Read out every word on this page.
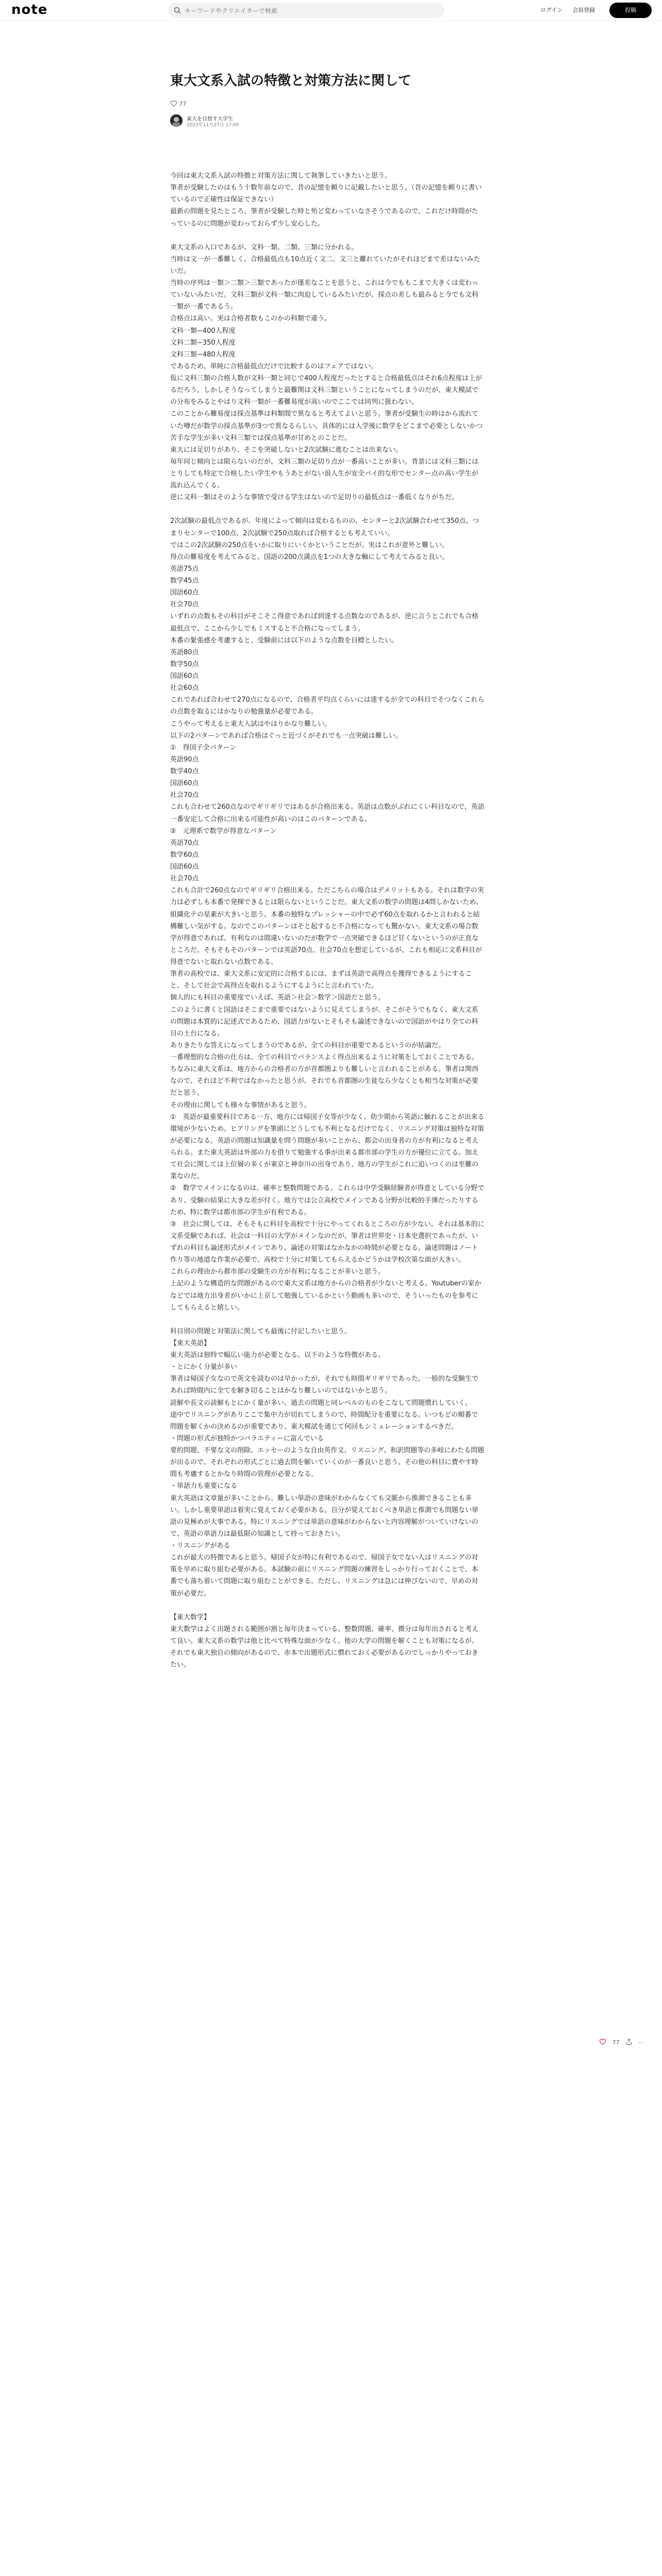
note
キーワードやクリエイターで検索	ログイン 会員登録	投稿
東大文系入試の特徴と対策方法に関して
77
東大を目指す大学生
2023年11月27日 17:00

今回は東大文系入試の特徴と対策方法に関して執筆していきたいと思う。

筆者が受験したのはもう十数年前なので、昔の記憶を頼りに記載したいと思う。（昔の記憶を頼りに書いているので正確性は保証できない）

最新の問題を見たところ、筆者が受験した時と殆ど変わっていなさそうであるので、これだけ時間がたっているのに問題が変わっておらず少し安心した。

東大文系の入口であるが、文科一類、二類、三類に分かれる。

当時は文一が一番難しく、合格最低点も10点近く文二、文三と離れていたがそれほどまで差はないみたいだ。

当時の序列は一類＞二類＞三類であったが僅差なことを思うと、これは今でももこまで大きくは変わっていないみたいだ。文科三類が文科一類に肉迫しているみたいだが、採点の差しも最みると今でも文科一類が一番であるう。

合格点は高い。実は合格者数もこのかの科類で違う。

文科一類−400人程度

文科二類−350人程度

文科三類−480人程度

であるため、単純に合格最低点だけで比較するのはフェアではない。

仮に文科三類の合格人数が文科一類と同じで400人程度だったとすると合格最低点はそれ6点程度は上がるだろう。しかしそうなってしまうと最難関は文科三類ということになってしまうのだが、東大模試での分布をみるとやはり文科一類が一番難易度が高いのでここでは同列に扱わない。

このことから難易度は採点基準は科類間で異なると考えてよいと思う。筆者が受験生の時はから流れていた噂だが数学の採点基準が3つで異なるらしい。具体的には入学後に数学をどこまで必要としないかつ苦手な学生が多い文科三類では採点基準が甘めとのことだ。

東大には足切りがあり、そこを突破しないと2次試験に進むことは出来ない。

毎年同じ傾向とは限らないのだが、文科三類の足切り点が一番高いことが多い。背景には文科三類にはとりしても特定で合格したい学生やもうあとがない浪人生が安全パイ的な形でセンター点の高い学生が流れ込んでくる。

逆に文科一類はそのような事情で受ける学生はないので足切りの最低点は一番低くなりがちだ。

2次試験の最低点であるが、年度によって傾向は変わるものの、センターと2次試験合わせて350点、つまりセンターで100点、2次試験で250点取れば合格するとも考えていい。

ではこの2次試験の250点をいかに取りにいくかということだが、実はこれが意外と難しい。

得点の難易度を考えてみると、国語の200点満点を1つの大きな軸にして考えてみると良い。

英語75点

数学45点

国語60点

社会70点

いずれの点数もその科目がそこそこ得意であれば到達する点数なのであるが、逆に言うとこれでも合格最低点で、ここから少しでもミスすると不合格になってしまう。

本番の緊張感を考慮すると、受験前には以下のような点数を目標としたい。

英語80点

数学50点

国語60点

社会60点

これであれば合わせて270点になるので、合格者平均点くらいには達するが全ての科目でそつなくこれらの点数を取るにはかなりの勉強量が必要である。

こうやって考えると東大入試はやはりかなり難しい。

以下の2パターンであれば合格はぐっと近づくがそれでも一点突破は難しい。

①　得国子全パターン

英語90点

数学40点

国語60点

社会70点

これも合わせて260点なのでギリギリではあるが合格出来る。英語は点数がぶれにくい科目なので、英語一番安定して合格に出来る可能性が高いのはこのパターンである。

②　元理系で数学が得意なパターン

英語70点

数学60点

国語60点

社会70点

これも合計で260点なのでギリギリ合格出来る。ただこちらの場合はデメリットもある。それは数学の実力は必ずしも本番で発揮できるとは限らないということだ。東大文系の数学の問題は4問しかないため、組織化テの星素が大きいと思う。本番の独特なプレッシャーの中で必ず60点を取れるかと言われると結構難しい気がする。なのでこのパターンはそと起すると不合格になっても驚かない。東大文系の場合数学が得意であれば、有利なのは間違いないのだが数学で一点突破できるほど甘くないというのが正直なところだ。そもそもそのパターンでは英語70点、社会70点を想定しているが、これも相応に文系科目が得意でないと取れない点数である。

筆者の高校では、東大文系に安定的に合格するには、まずは英語で高得点を獲得できるようにすること、そして社会で高得点を取れるようにするようにと言われていた。

個人的にも科目の重要度でいえば、英語＞社会＞数学＞国語だと思う。

このように書くと国語はそこまで重要ではないように見えてしまうが、そこがそうでもなく、東大文系の問題は本質的に記述式であるため、国語力がないとそもそも論述できないので国語がやはり全ての科目の土台になる。

ありきたりな答えになってしまうのであるが、全ての科目が重要であるというのが結論だ。

一番理想的な合格の仕方は、全ての科目でバランスよく得点出来るように対策をしておくことである。

ちなみに東大文系は、地方からの合格者の方が首都圏よりも難しいと言われることがある。筆者は関西なので、それほど不利ではなかったと思うが、それでも首都圏の生徒なら少なくとも相当な対策が必要だと思う。

その理由に関しても様々な事情があると思う。

①　英語が最重要科目である一方、地方には帰国子女等が少なく、幼少期から英語に触れることが出来る環境が少ないため。ヒアリングを筆頭にどうしても不利となるだけでなく、リスニング対策は独特な対策が必要になる。英語の問題は知識量を問う問題が多いことから、都会の出身者の方が有利になると考えられる。また東大英語は外部の力を借りて勉強する事が出来る都市部の学生の方が優位に立てる。加えて社会に関しては上位層の多くが東京と神奈川の出身であり、地方の学生がこれに追いつくのは至難の業なのだ。

②　数学でメインになるのは、確率と整数問題である。これらは中学受験経験者が得意としている分野であり、受験の結果に大きな差が付く。地方では公立高校でメインである分野が比較的手薄だったりするため、特に数学は都市部の学生が有利である。

③　社会に関しては、そもそもに科目を高校で十分にやってくれるところの方が少ない。それは基本的に文系受験であれば、社会は一科目の大学がメインなのだが、筆者は世界史・日本史選択であったが、いずれの科目も論述形式がメインであり、論述の対策はなかなかの時間が必要となる。論述問題はノート作り等の地道な作業が必要で、高校で十分に対策してもらえるかどうかは学校次第な面が大きい。

これらの理由から都市部の受験生の方が有利になることが多いと思う。

上記のような構造的な問題があるので東大文系は地方からの合格者が少ないと考える。Youtuberの家かなどでは地方出身者がいかに上京して勉強しているかという動画も多いので、そういったものを参考にしてもらえると嬉しい。

科目別の問題と対策法に関しても最後に付記したいと思う。

【東大英語】

東大英語は独特で幅広い能力が必要となる。以下のような特徴がある。

・とにかく分量が多い

筆者は帰国子女なので英文を読むのは早かったが、それでも時間ギリギリであった。一般的な受験生であれば時間内に全てを解き切ることはかなり難しいのではないかと思う。

読解や長文の読解もとにかく量が多い。過去の問題と同レベルのものをこなして問題慣れしていく。

途中でリスニングがありここで集中力が切れてしまうので、時間配分を重要になる。いつもどの順番で問題を解くかの決めるのが重要であり、東大模試を通じて何回もシミュレーションするべきだ。

・問題の形式が独特かつバラエティーに富んでいる

要約問題、不要な文の削除、エッセーのような自由英作文、リスニング、和訳問題等の多岐にわたる問題が出るので、それぞれの形式ごとに過去問を解いていくのが一番良いと思う。その他の科目に費やす時間も考慮するとかなり時間の管理が必要となる。

・単語力も重要になる

東大英語は文章量が多いことから、難しい単語の意味がわからなくても文脈から推測できることも多い。しかし重要単語は着実に覚えておく必要がある。自分が覚えておくべき単語と推測でも問題ない単語の見極めが大事である。特にリスニングでは単語の意味がわからないと内容理解がついていけないので、英語の単語力は最低限の知識として持っておきたい。

・リスニングがある

これが最大の特徴であると思う。帰国子女が特に有利であるので、帰国子女でない人はリスニングの対策を早めに取り組む必要がある。本試験の前にリスニング問題の練習をしっかり行っておくことで、本番でも落ち着いて問題に取り組むことができる。ただし、リスニングは急には伸びないので、早めの対策が必要だ。

【東大数学】

東大数学はよく出題される範囲が割と毎年決まっている。整数問題、確率、微分は毎年出されると考えて良い。東大文系の数学は他と比べて特殊な面が少なく、他の大学の問題を解くことも対策になるが、それでも東大独自の傾向があるので、赤本で出題形式に慣れておく必要があるのでしっかりやっておきたい。

77	⋯
